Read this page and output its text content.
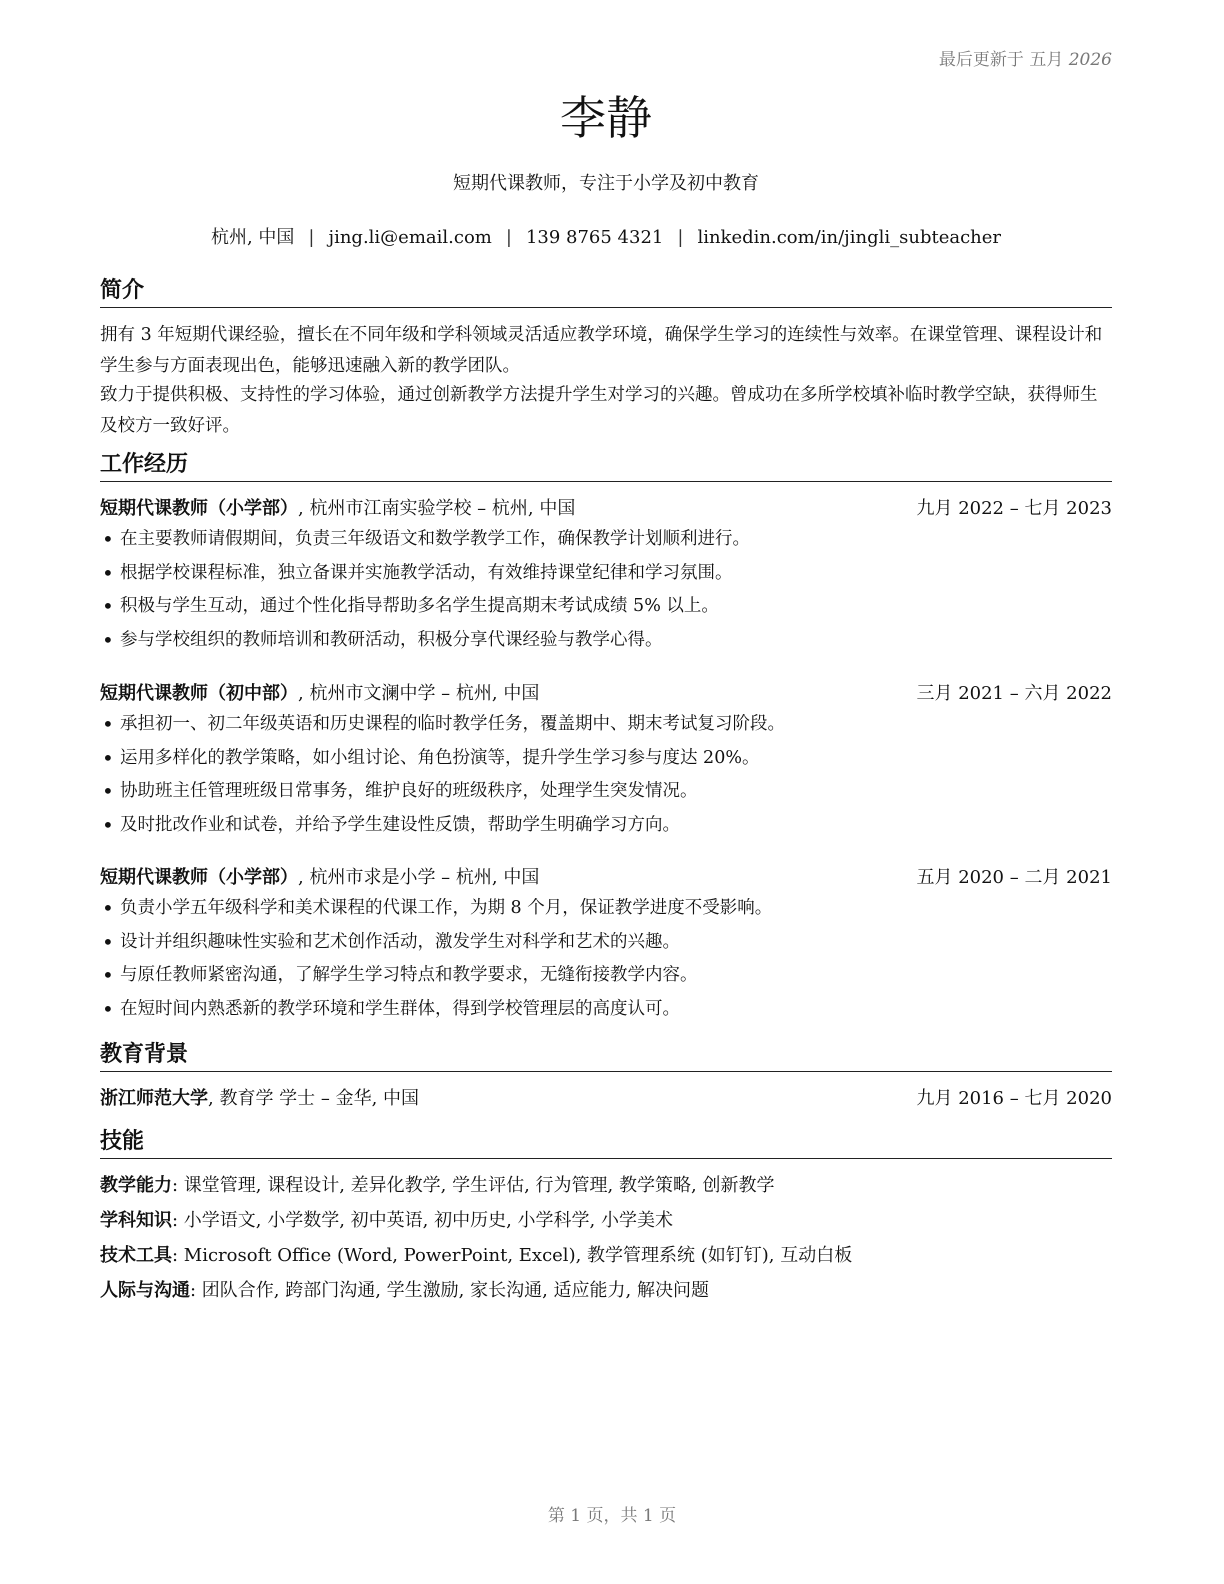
最后更新于 五月 2026
李静
短期代课教师，专注于小学及初中教育
杭州, 中国 | jing.li@email.com | 139 8765 4321 | linkedin.com/in/jingli_subteacher
简介
拥有 3 年短期代课经验，擅长在不同年级和学科领域灵活适应教学环境，确保学生学习的连续性与效率。在课堂管理、课程设计和学生参与方面表现出色，能够迅速融入新的教学团队。
致力于提供积极、支持性的学习体验，通过创新教学方法提升学生对学习的兴趣。曾成功在多所学校填补临时教学空缺，获得师生及校方一致好评。
工作经历
短期代课教师（小学部）, 杭州市江南实验学校 – 杭州, 中国	九月 2022 – 七月 2023
• 在主要教师请假期间，负责三年级语文和数学教学工作，确保教学计划顺利进行。
• 根据学校课程标准，独立备课并实施教学活动，有效维持课堂纪律和学习氛围。
• 积极与学生互动，通过个性化指导帮助多名学生提高期末考试成绩 5% 以上。
• 参与学校组织的教师培训和教研活动，积极分享代课经验与教学心得。
短期代课教师（初中部）, 杭州市文澜中学 – 杭州, 中国	三月 2021 – 六月 2022
• 承担初一、初二年级英语和历史课程的临时教学任务，覆盖期中、期末考试复习阶段。
• 运用多样化的教学策略，如小组讨论、角色扮演等，提升学生学习参与度达 20%。
• 协助班主任管理班级日常事务，维护良好的班级秩序，处理学生突发情况。
• 及时批改作业和试卷，并给予学生建设性反馈，帮助学生明确学习方向。
短期代课教师（小学部）, 杭州市求是小学 – 杭州, 中国	五月 2020 – 二月 2021
• 负责小学五年级科学和美术课程的代课工作，为期 8 个月，保证教学进度不受影响。
• 设计并组织趣味性实验和艺术创作活动，激发学生对科学和艺术的兴趣。
• 与原任教师紧密沟通，了解学生学习特点和教学要求，无缝衔接教学内容。
• 在短时间内熟悉新的教学环境和学生群体，得到学校管理层的高度认可。
教育背景
浙江师范大学, 教育学 学士 – 金华, 中国	九月 2016 – 七月 2020
技能
教学能力: 课堂管理, 课程设计, 差异化教学, 学生评估, 行为管理, 教学策略, 创新教学
学科知识: 小学语文, 小学数学, 初中英语, 初中历史, 小学科学, 小学美术
技术工具: Microsoft Office (Word, PowerPoint, Excel), 教学管理系统 (如钉钉), 互动白板
人际与沟通: 团队合作, 跨部门沟通, 学生激励, 家长沟通, 适应能力, 解决问题
第 1 页，共 1 页
